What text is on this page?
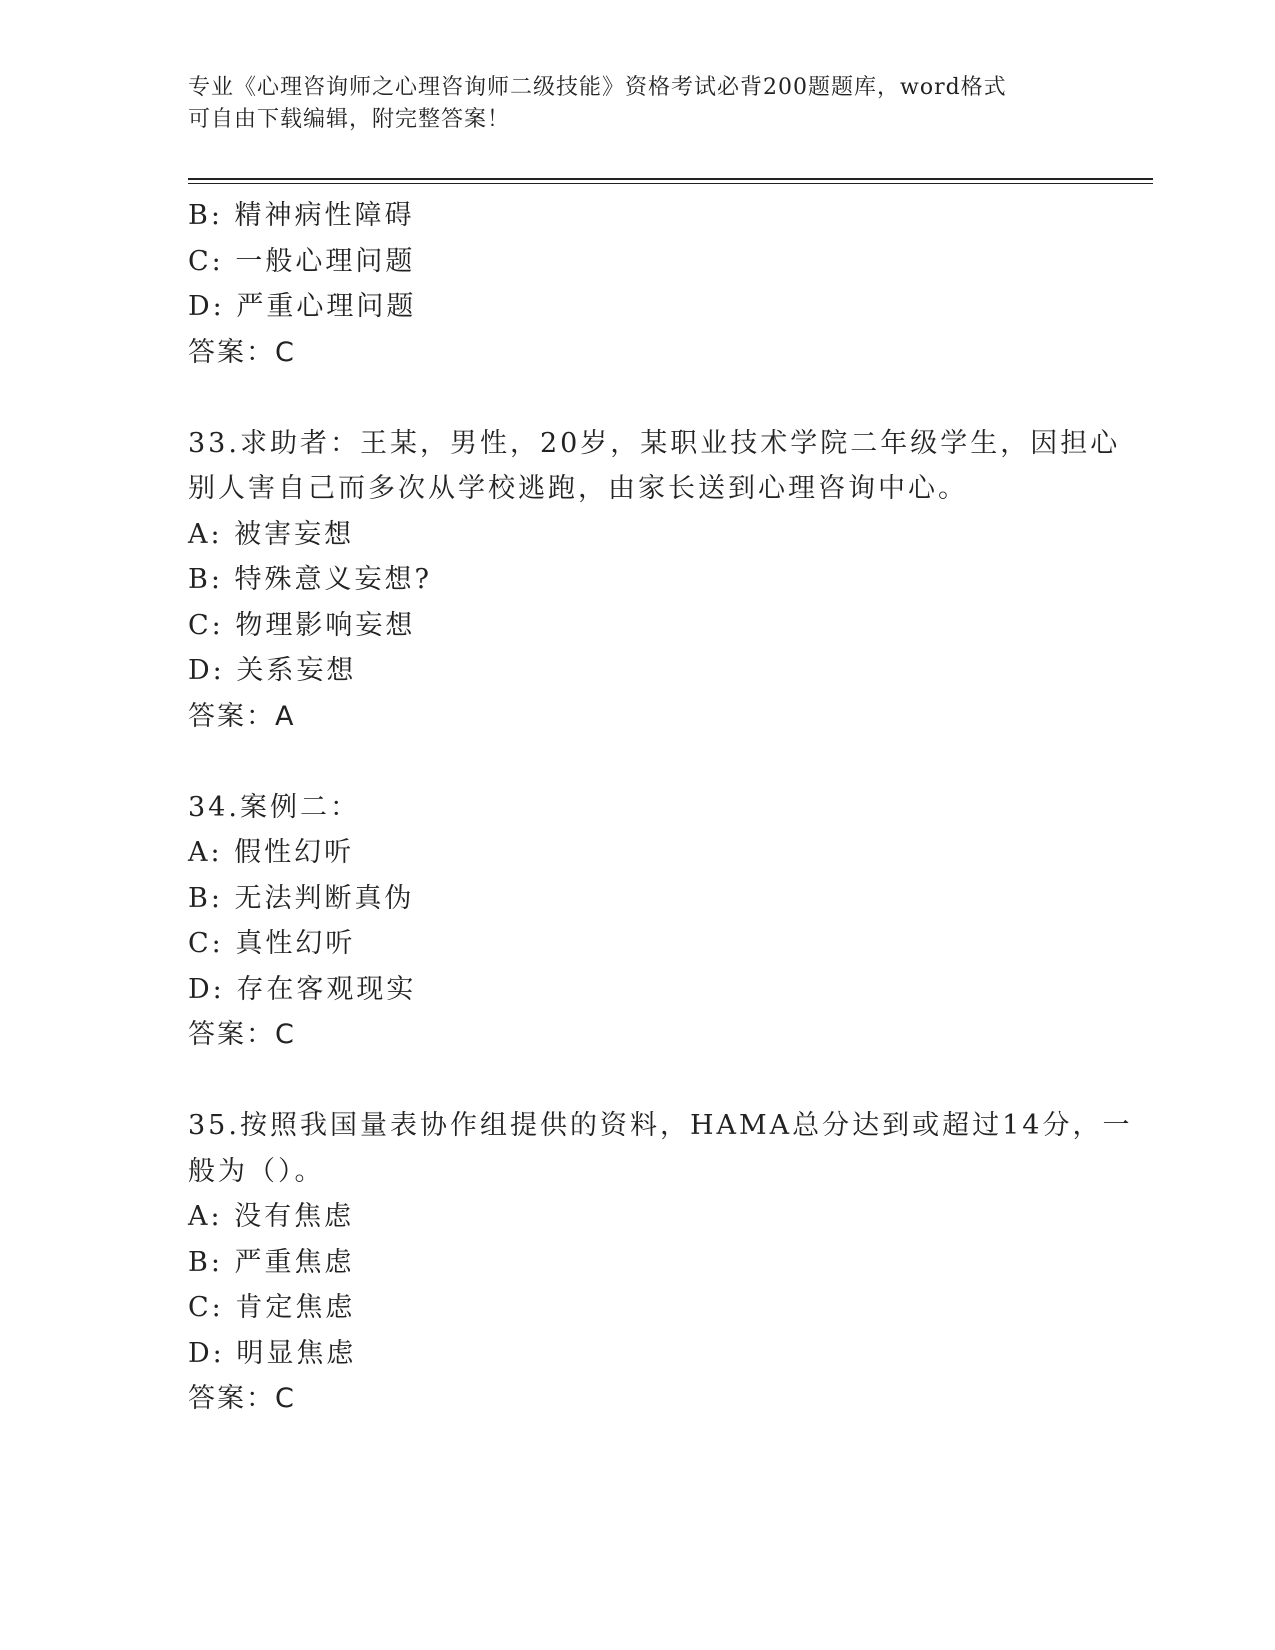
专业《心理咨询师之心理咨询师二级技能》资格考试必背200题题库，word格式
可自由下载编辑，附完整答案！
B: 精神病性障碍
C: 一般心理问题
D: 严重心理问题
答案：C
33.求助者：王某，男性，20岁，某职业技术学院二年级学生，因担心
别人害自己而多次从学校逃跑，由家长送到心理咨询中心。
A: 被害妄想
B: 特殊意义妄想?
C: 物理影响妄想
D: 关系妄想
答案：A
34.案例二：
A: 假性幻听
B: 无法判断真伪
C: 真性幻听
D: 存在客观现实
答案：C
35.按照我国量表协作组提供的资料，HAMA总分达到或超过14分，一
般为（）。
A: 没有焦虑
B: 严重焦虑
C: 肯定焦虑
D: 明显焦虑
答案：C
